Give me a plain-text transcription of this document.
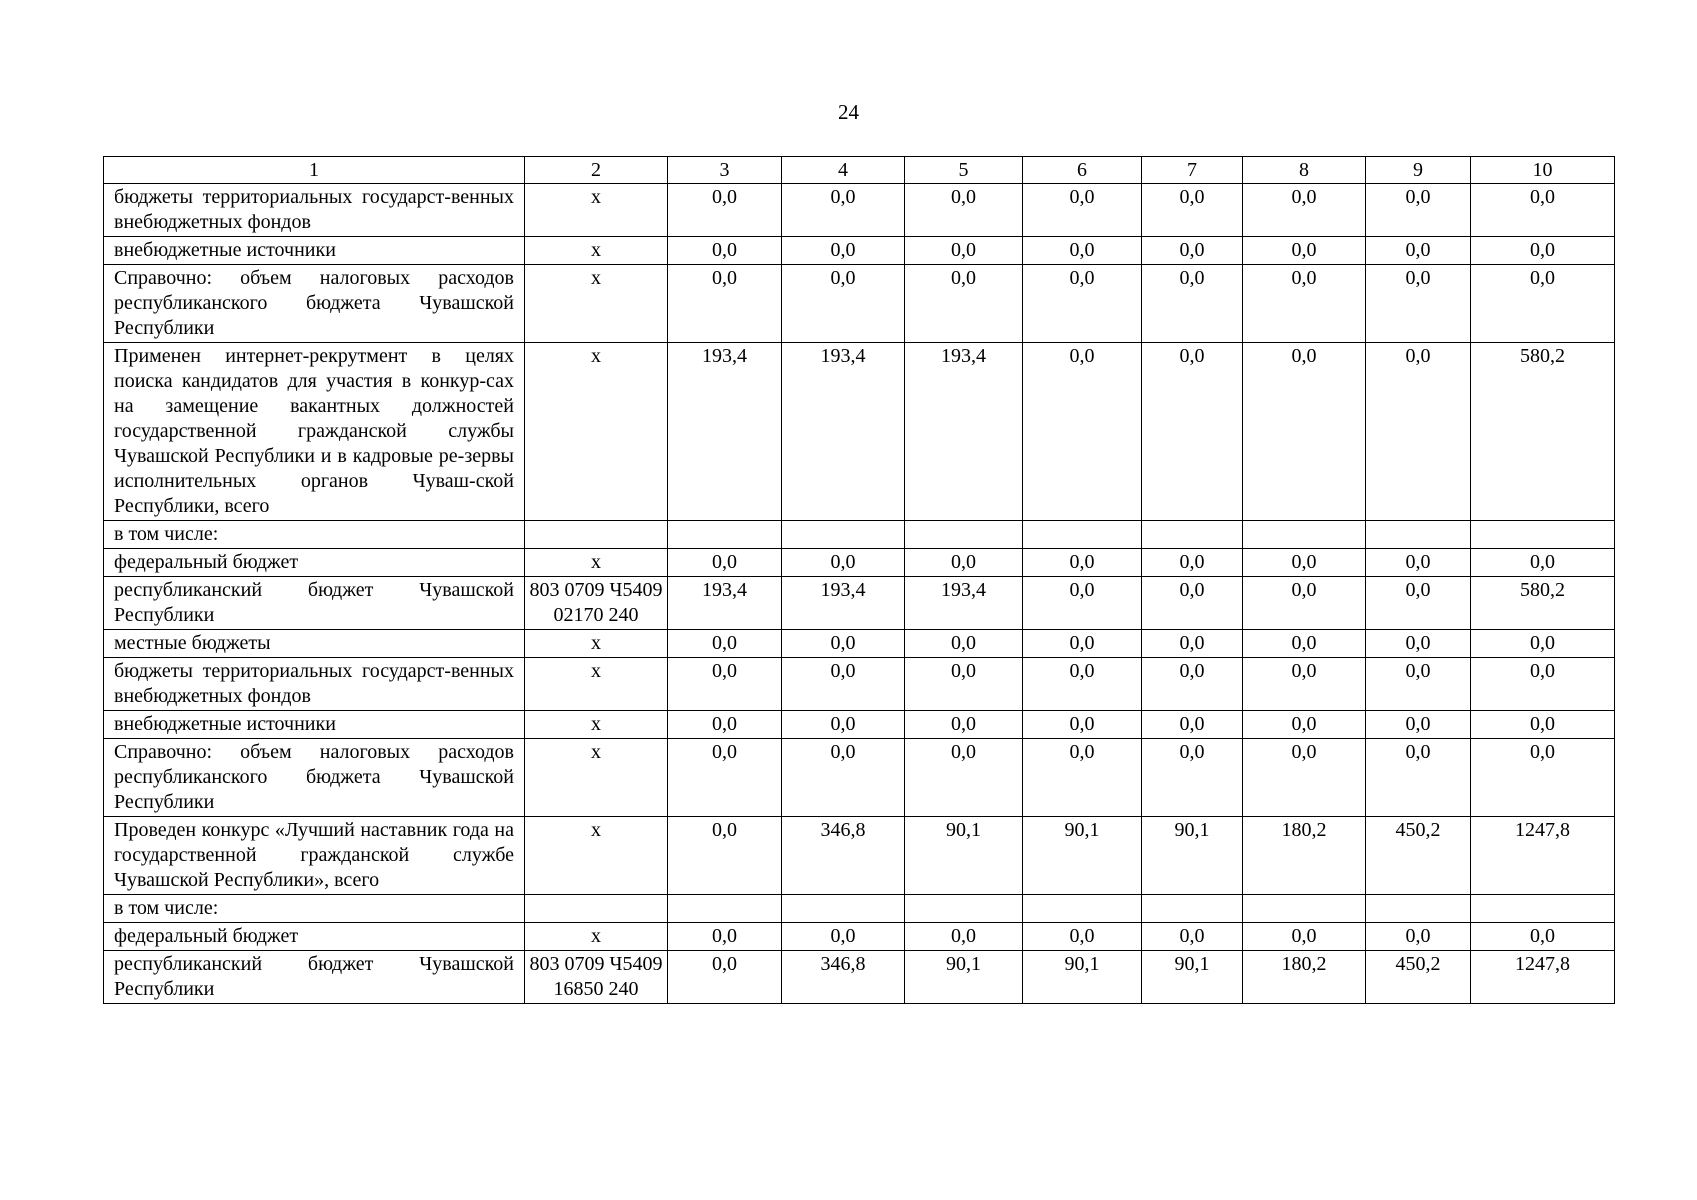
24
1	2	3	4	5	6	7	8	9	10
бюджеты территориальных государст-венных внебюджетных фондов	x	0,0	0,0	0,0	0,0	0,0	0,0	0,0	0,0
внебюджетные источники	x	0,0	0,0	0,0	0,0	0,0	0,0	0,0	0,0
Справочно: объем налоговых расходов республиканского бюджета Чувашской Республики	x	0,0	0,0	0,0	0,0	0,0	0,0	0,0	0,0
Применен интернет-рекрутмент в целях поиска кандидатов для участия в конкур-сах на замещение вакантных должностей государственной гражданской службы Чувашской Республики и в кадровые ре-зервы исполнительных органов Чуваш-ской Республики, всего	x	193,4	193,4	193,4	0,0	0,0	0,0	0,0	580,2
в том числе:									
федеральный бюджет	x	0,0	0,0	0,0	0,0	0,0	0,0	0,0	0,0
республиканский бюджет Чувашской Республики	803 0709 Ч540902170 240	193,4	193,4	193,4	0,0	0,0	0,0	0,0	580,2
местные бюджеты	x	0,0	0,0	0,0	0,0	0,0	0,0	0,0	0,0
бюджеты территориальных государст-венных внебюджетных фондов	x	0,0	0,0	0,0	0,0	0,0	0,0	0,0	0,0
внебюджетные источники	x	0,0	0,0	0,0	0,0	0,0	0,0	0,0	0,0
Справочно: объем налоговых расходов республиканского бюджета Чувашской Республики	x	0,0	0,0	0,0	0,0	0,0	0,0	0,0	0,0
Проведен конкурс «Лучший наставник года на государственной гражданской службе Чувашской Республики», всего	x	0,0	346,8	90,1	90,1	90,1	180,2	450,2	1247,8
в том числе:									
федеральный бюджет	x	0,0	0,0	0,0	0,0	0,0	0,0	0,0	0,0
республиканский бюджет Чувашской Республики	803 0709 Ч540916850 240	0,0	346,8	90,1	90,1	90,1	180,2	450,2	1247,8
